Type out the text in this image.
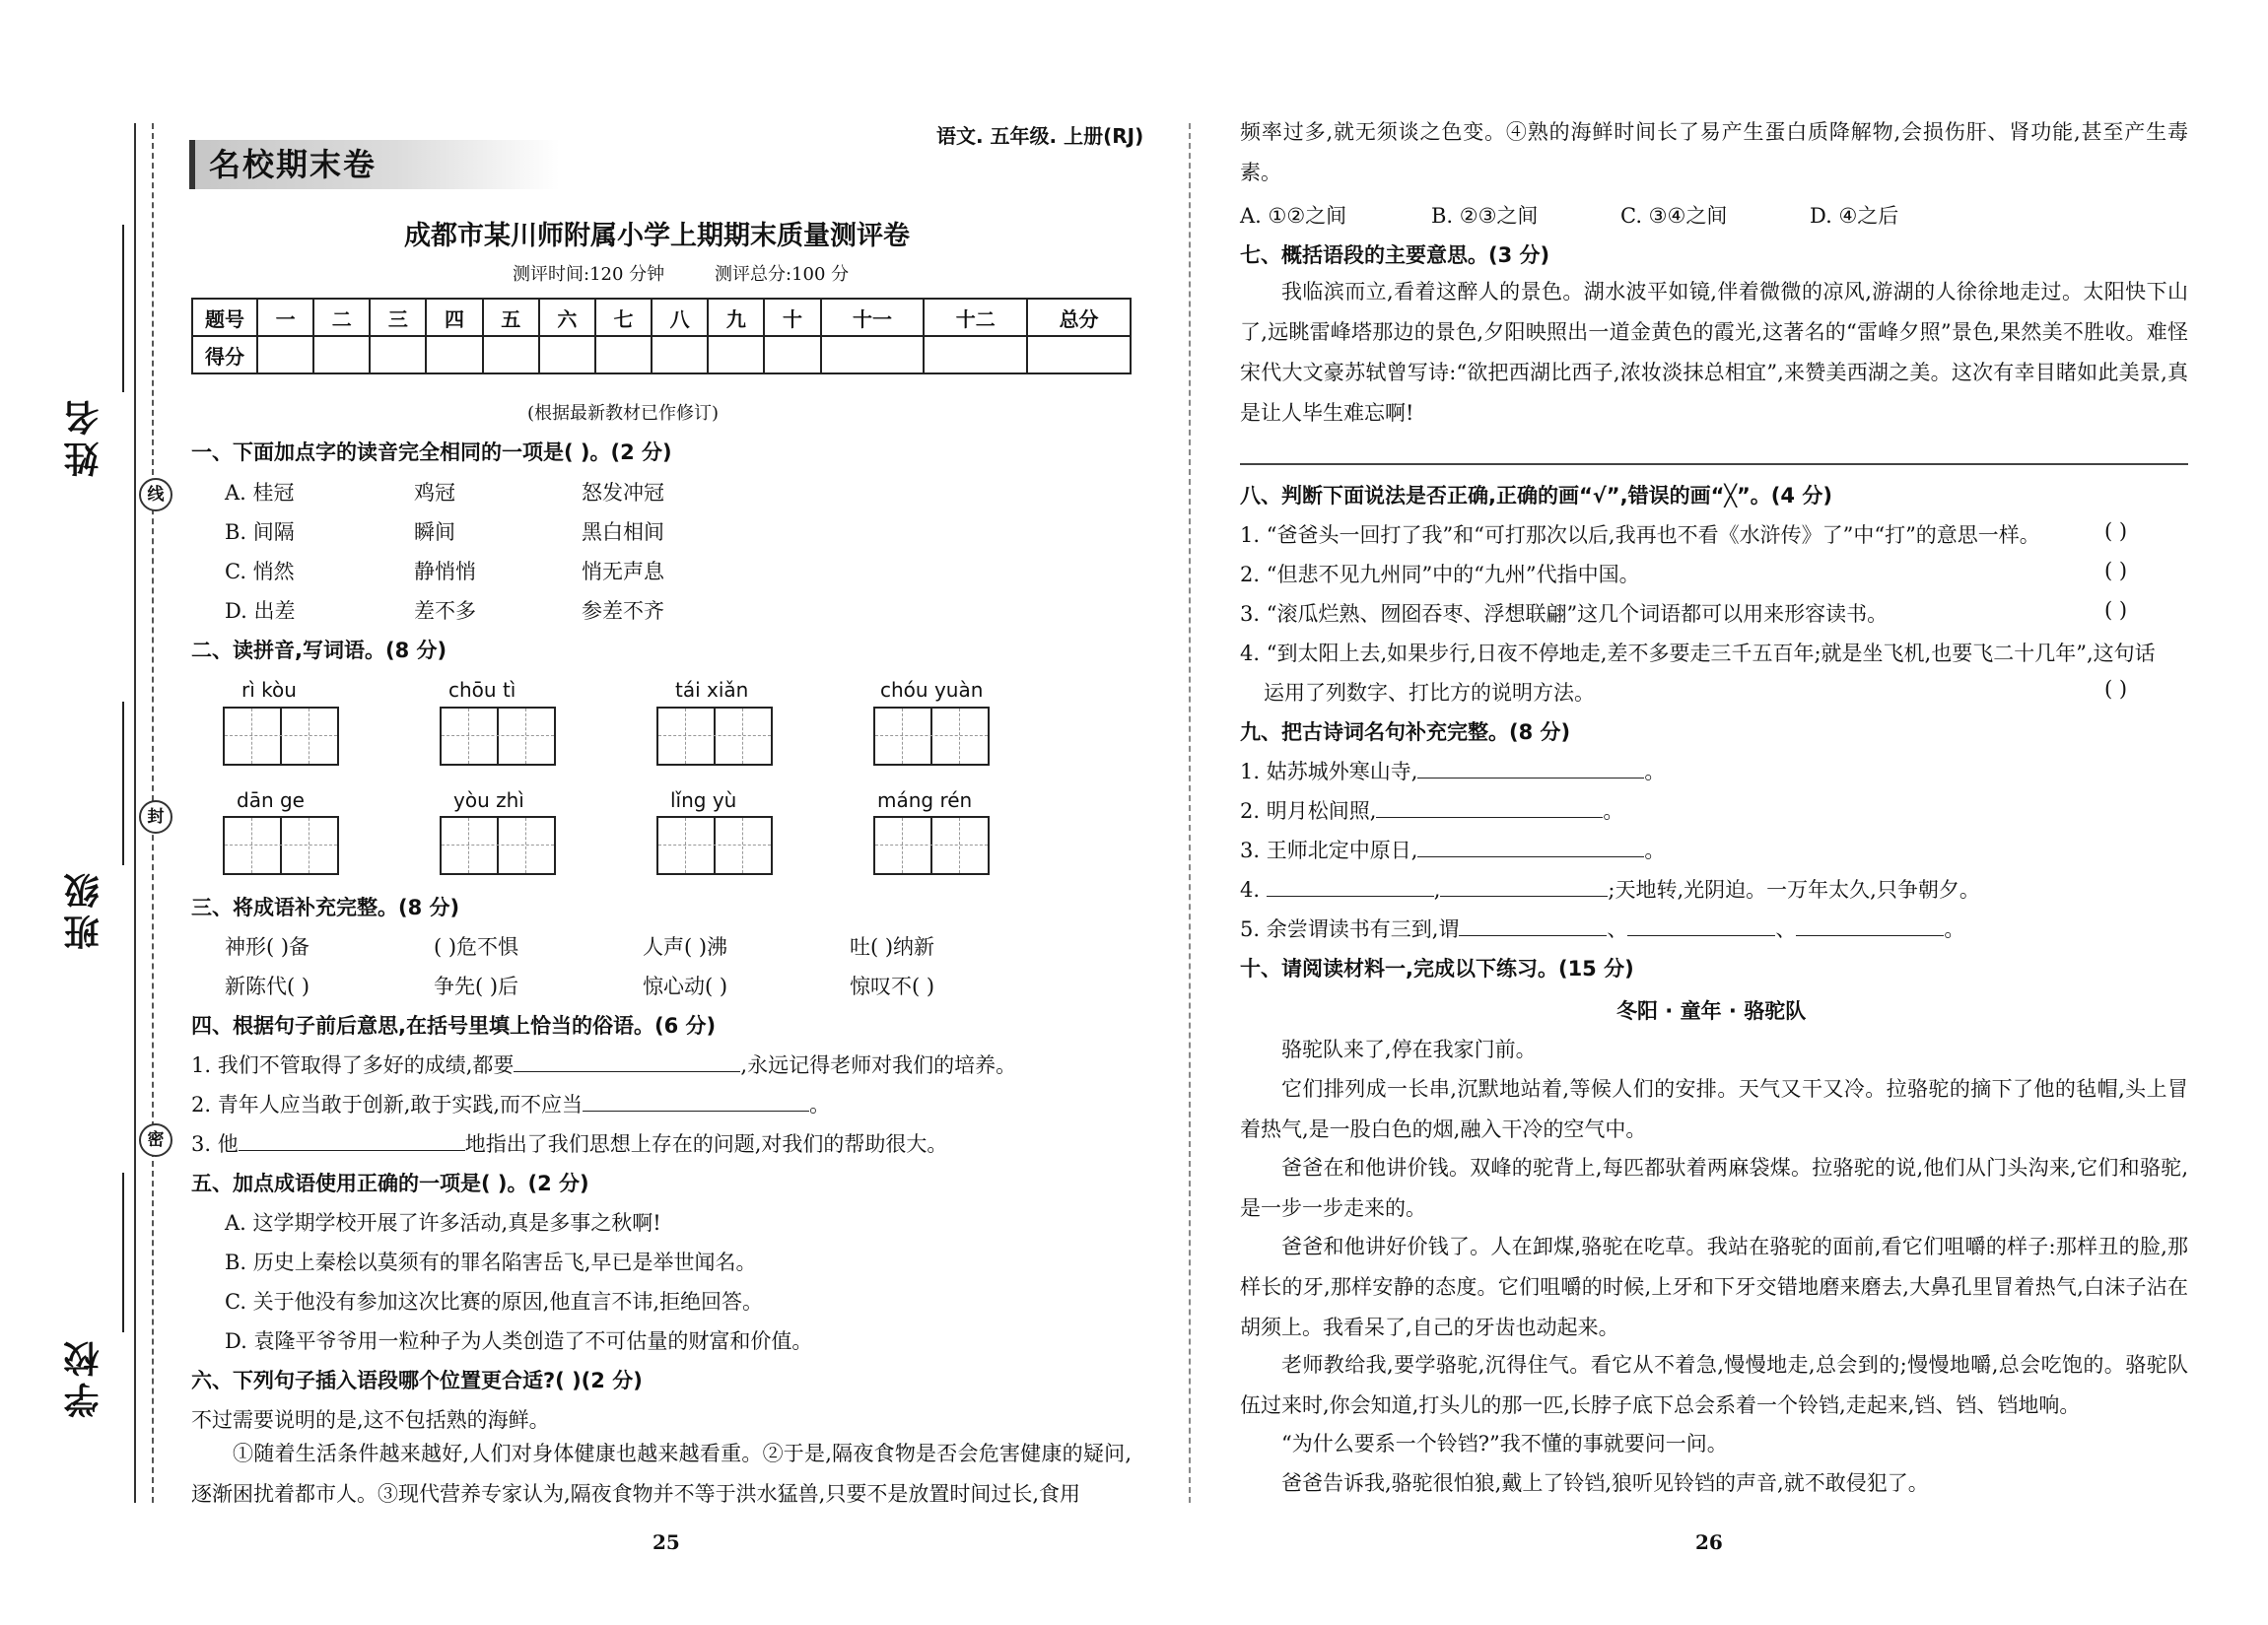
姓名
班级
学校
线
封
密
名校期末卷
语文. 五年级. 上册(RJ)
成都市某川师附属小学上期期末质量测评卷
测评时间:120 分钟	测评总分:100 分
题号	一	二	三	四	五	六	七	八	九	十	十一	十二	总分
得分													
(根据最新教材已作修订)
一、下面加点字的读音完全相同的一项是( )。(2 分)
A. 桂冠	鸡冠	怒发冲冠
B. 间隔	瞬间	黑白相间
C. 悄然	静悄悄	悄无声息
D. 出差	差不多	参差不齐
二、读拼音,写词语。(8 分)
rì kòu	chōu tì	tái xiǎn	chóu yuàn
dān ge	yòu zhì	lǐng yù	máng rén
三、将成语补充完整。(8 分)
神形( )备	( )危不惧	人声( )沸	吐( )纳新
新陈代( )	争先( )后	惊心动( )	惊叹不( )
四、根据句子前后意思,在括号里填上恰当的俗语。(6 分)
1. 我们不管取得了多好的成绩,都要	,永远记得老师对我们的培养。
2. 青年人应当敢于创新,敢于实践,而不应当	。
3. 他	地指出了我们思想上存在的问题,对我们的帮助很大。
五、加点成语使用正确的一项是( )。(2 分)
A. 这学期学校开展了许多活动,真是多事之秋啊!
B. 历史上秦桧以莫须有的罪名陷害岳飞,早已是举世闻名。
C. 关于他没有参加这次比赛的原因,他直言不讳,拒绝回答。
D. 袁隆平爷爷用一粒种子为人类创造了不可估量的财富和价值。
六、下列句子插入语段哪个位置更合适?( )(2 分)
不过需要说明的是,这不包括熟的海鲜。
①随着生活条件越来越好,人们对身体健康也越来越看重。②于是,隔夜食物是否会危害健康的疑问,逐渐困扰着都市人。③现代营养专家认为,隔夜食物并不等于洪水猛兽,只要不是放置时间过长,食用
25
频率过多,就无须谈之色变。④熟的海鲜时间长了易产生蛋白质降解物,会损伤肝、肾功能,甚至产生毒素。
A. ①②之间	B. ②③之间	C. ③④之间	D. ④之后
七、概括语段的主要意思。(3 分)
我临滨而立,看着这醉人的景色。湖水波平如镜,伴着微微的凉风,游湖的人徐徐地走过。太阳快下山了,远眺雷峰塔那边的景色,夕阳映照出一道金黄色的霞光,这著名的“雷峰夕照”景色,果然美不胜收。难怪宋代大文豪苏轼曾写诗:“欲把西湖比西子,浓妆淡抹总相宜”,来赞美西湖之美。这次有幸目睹如此美景,真是让人毕生难忘啊!
八、判断下面说法是否正确,正确的画“√”,错误的画“╳”。(4 分)
1. “爸爸头一回打了我”和“可打那次以后,我再也不看《水浒传》了”中“打”的意思一样。	( )
2. “但悲不见九州同”中的“九州”代指中国。	( )
3. “滚瓜烂熟、囫囵吞枣、浮想联翩”这几个词语都可以用来形容读书。	( )
4. “到太阳上去,如果步行,日夜不停地走,差不多要走三千五百年;就是坐飞机,也要飞二十几年”,这句话
运用了列数字、打比方的说明方法。	( )
九、把古诗词名句补充完整。(8 分)
1. 姑苏城外寒山寺,	。
2. 明月松间照,	。
3. 王师北定中原日,	。
4.	,	;天地转,光阴迫。一万年太久,只争朝夕。
5. 余尝谓读书有三到,谓	、	、	。
十、请阅读材料一,完成以下练习。(15 分)
冬阳 · 童年 · 骆驼队
骆驼队来了,停在我家门前。
它们排列成一长串,沉默地站着,等候人们的安排。天气又干又冷。拉骆驼的摘下了他的毡帽,头上冒着热气,是一股白色的烟,融入干冷的空气中。
爸爸在和他讲价钱。双峰的驼背上,每匹都驮着两麻袋煤。拉骆驼的说,他们从门头沟来,它们和骆驼,是一步一步走来的。
爸爸和他讲好价钱了。人在卸煤,骆驼在吃草。我站在骆驼的面前,看它们咀嚼的样子:那样丑的脸,那样长的牙,那样安静的态度。它们咀嚼的时候,上牙和下牙交错地磨来磨去,大鼻孔里冒着热气,白沫子沾在胡须上。我看呆了,自己的牙齿也动起来。
老师教给我,要学骆驼,沉得住气。看它从不着急,慢慢地走,总会到的;慢慢地嚼,总会吃饱的。骆驼队伍过来时,你会知道,打头儿的那一匹,长脖子底下总会系着一个铃铛,走起来,铛、铛、铛地响。
“为什么要系一个铃铛?”我不懂的事就要问一问。
爸爸告诉我,骆驼很怕狼,戴上了铃铛,狼听见铃铛的声音,就不敢侵犯了。
26
